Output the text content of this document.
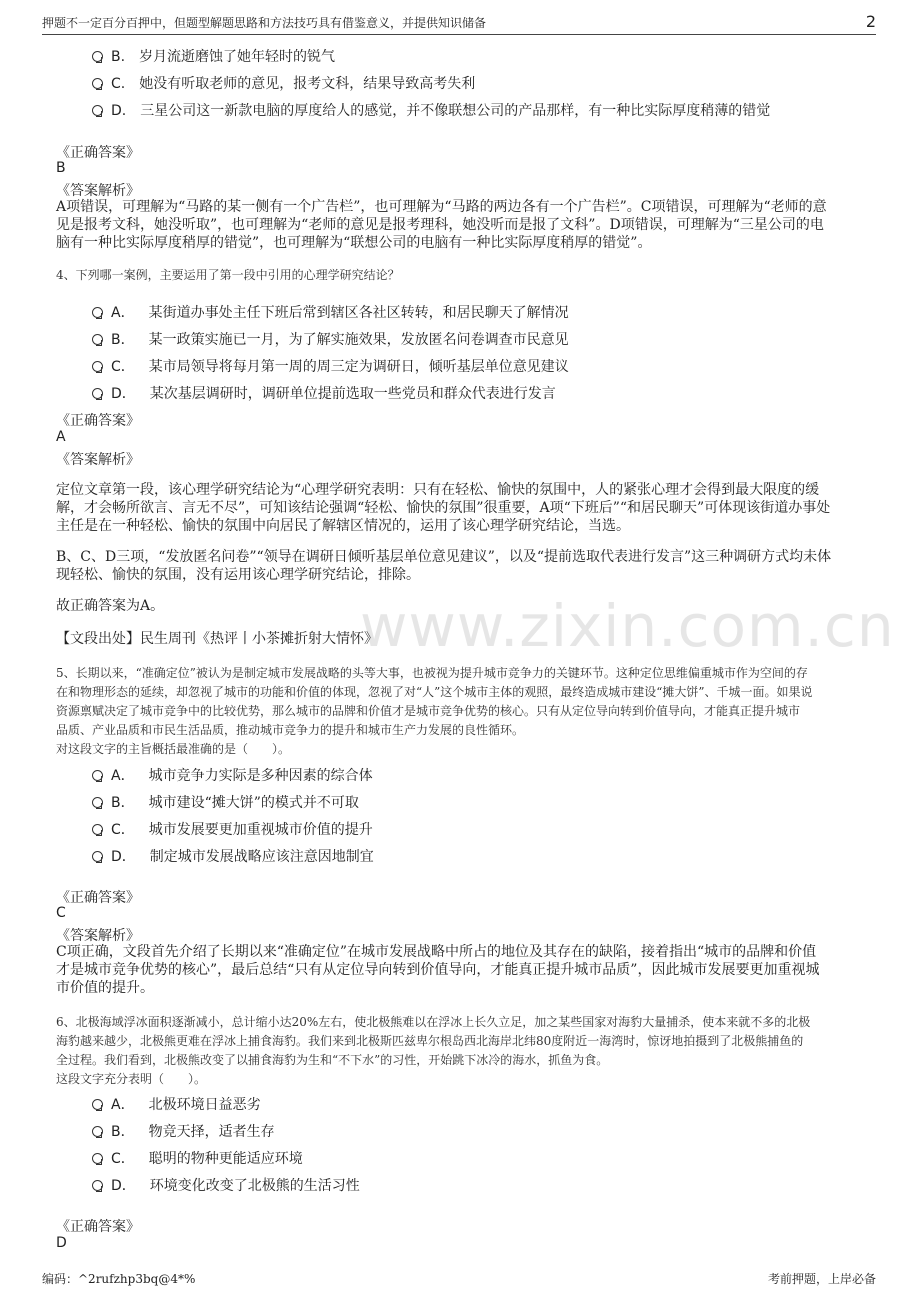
押题不一定百分百押中，但题型解题思路和方法技巧具有借鉴意义，并提供知识储备	2
www.zixin.com.cn
B. 岁月流逝磨蚀了她年轻时的锐气
C. 她没有听取老师的意见，报考文科，结果导致高考失利
D. 三星公司这一新款电脑的厚度给人的感觉，并不像联想公司的产品那样，有一种比实际厚度稍薄的错觉
《正确答案》
B
《答案解析》
A项错误，可理解为“马路的某一侧有一个广告栏”，也可理解为“马路的两边各有一个广告栏”。C项错误，可理解为“老师的意
见是报考文科，她没听取”，也可理解为“老师的意见是报考理科，她没听而是报了文科”。D项错误，可理解为“三星公司的电
脑有一种比实际厚度稍厚的错觉”，也可理解为“联想公司的电脑有一种比实际厚度稍厚的错觉”。
4、下列哪一案例，主要运用了第一段中引用的心理学研究结论？
A． 某街道办事处主任下班后常到辖区各社区转转，和居民聊天了解情况
B． 某一政策实施已一月，为了解实施效果，发放匿名问卷调查市民意见
C． 某市局领导将每月第一周的周三定为调研日，倾听基层单位意见建议
D． 某次基层调研时，调研单位提前选取一些党员和群众代表进行发言
《正确答案》
A
《答案解析》
定位文章第一段，该心理学研究结论为“心理学研究表明：只有在轻松、愉快的氛围中，人的紧张心理才会得到最大限度的缓
解，才会畅所欲言、言无不尽”，可知该结论强调“轻松、愉快的氛围”很重要，A项“下班后”“和居民聊天”可体现该街道办事处
主任是在一种轻松、愉快的氛围中向居民了解辖区情况的，运用了该心理学研究结论，当选。
B、C、D三项，“发放匿名问卷”“领导在调研日倾听基层单位意见建议”，以及“提前选取代表进行发言”这三种调研方式均未体
现轻松、愉快的氛围，没有运用该心理学研究结论，排除。
故正确答案为A。
【文段出处】民生周刊《热评丨小茶摊折射大情怀》
5、长期以来，“准确定位”被认为是制定城市发展战略的头等大事，也被视为提升城市竞争力的关键环节。这种定位思维偏重城市作为空间的存
在和物理形态的延续，却忽视了城市的功能和价值的体现，忽视了对“人”这个城市主体的观照，最终造成城市建设“摊大饼”、千城一面。如果说
资源禀赋决定了城市竞争中的比较优势，那么城市的品牌和价值才是城市竞争优势的核心。只有从定位导向转到价值导向，才能真正提升城市
品质、产业品质和市民生活品质，推动城市竞争力的提升和城市生产力发展的良性循环。
对这段文字的主旨概括最准确的是（　　）。
A． 城市竞争力实际是多种因素的综合体
B． 城市建设“摊大饼”的模式并不可取
C． 城市发展要更加重视城市价值的提升
D． 制定城市发展战略应该注意因地制宜
《正确答案》
C
《答案解析》
C项正确，文段首先介绍了长期以来“准确定位”在城市发展战略中所占的地位及其存在的缺陷，接着指出“城市的品牌和价值
才是城市竞争优势的核心”，最后总结“只有从定位导向转到价值导向，才能真正提升城市品质”，因此城市发展要更加重视城
市价值的提升。
6、北极海域浮冰面积逐渐减小，总计缩小达20%左右，使北极熊难以在浮冰上长久立足，加之某些国家对海豹大量捕杀，使本来就不多的北极
海豹越来越少，北极熊更难在浮冰上捕食海豹。我们来到北极斯匹兹卑尔根岛西北海岸北纬80度附近一海湾时，惊讶地拍摄到了北极熊捕鱼的
全过程。我们看到，北极熊改变了以捕食海豹为生和“不下水”的习性，开始跳下冰冷的海水，抓鱼为食。
这段文字充分表明（　　）。
A． 北极环境日益恶劣
B． 物竞天择，适者生存
C． 聪明的物种更能适应环境
D． 环境变化改变了北极熊的生活习性
《正确答案》
D
编码：^2rufzhp3bq@4*%	考前押题，上岸必备
